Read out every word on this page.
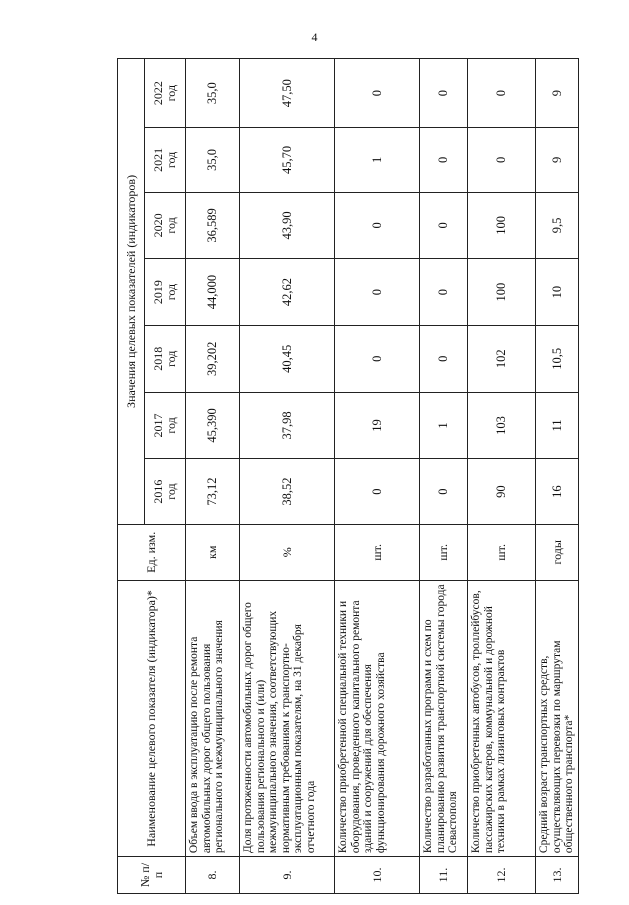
4
№ п/п	Наименование целевого показателя (индикатора)*	Ед. изм.	Значения целевых показателей (индикаторов)						

			2016 год	2017 год	2018 год	2019 год	2020 год	2021 год	2022 год

8.	Объем ввода в эксплуатацию после ремонта автомобильных дорог общего пользования регионального и межмуниципального значения	км	73,12	45,390	39,202	44,000	36,589	35,0	35,0
9.	Доля протяженности автомобильных дорог общего пользования регионального и (или) межмуниципального значения, соответствующих нормативным требованиям к транспортно- эксплуатационным показателям, на 31 декабря отчетного года	%	38,52	37,98	40,45	42,62	43,90	45,70	47,50
10.	Количество приобретенной специальной техники и оборудования, проведенного капитального ремонта зданий и сооружений для обеспечения функционирования дорожного хозяйства	шт.	0	19	0	0	0	1	0
11.	Количество разработанных программ и схем по планированию развития транспортной системы города Севастополя	шт.	0	1	0	0	0	0	0
12.	Количество приобретенных автобусов, троллейбусов, пассажирских катеров, коммунальной и дорожной техники в рамках лизинговых контрактов	шт.	90	103	102	100	100	0	0
13.	Средний возраст транспортных средств, осуществляющих перевозки по маршрутам общественного транспорта*	годы	16	11	10,5	10	9,5	9	9
